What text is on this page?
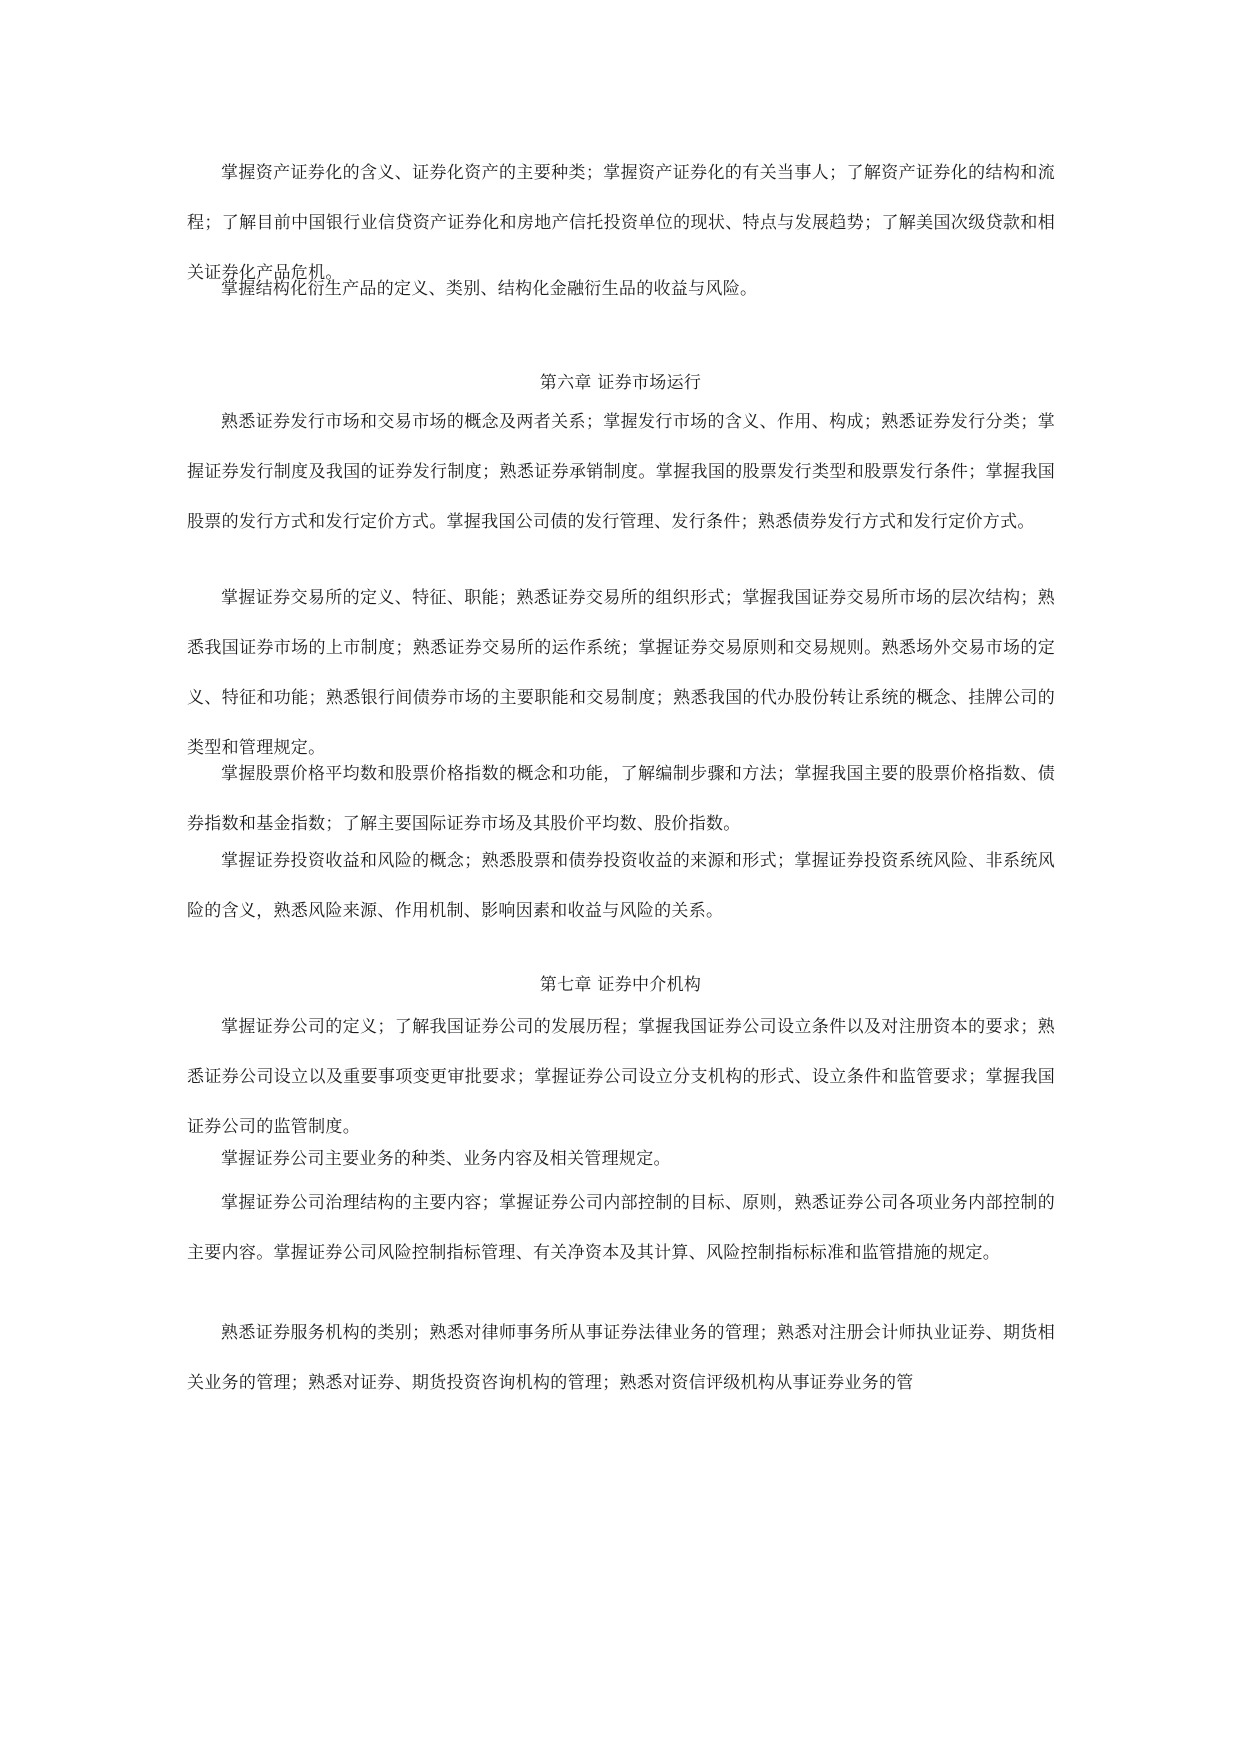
掌握资产证券化的含义、证券化资产的主要种类；掌握资产证券化的有关当事人；了解资产证券化的结构和流程；了解目前中国银行业信贷资产证券化和房地产信托投资单位的现状、特点与发展趋势；了解美国次级贷款和相关证券化产品危机。

掌握结构化衍生产品的定义、类别、结构化金融衍生品的收益与风险。

第六章 证券市场运行

熟悉证券发行市场和交易市场的概念及两者关系；掌握发行市场的含义、作用、构成；熟悉证券发行分类；掌握证券发行制度及我国的证券发行制度；熟悉证券承销制度。掌握我国的股票发行类型和股票发行条件；掌握我国股票的发行方式和发行定价方式。掌握我国公司债的发行管理、发行条件；熟悉债券发行方式和发行定价方式。

掌握证券交易所的定义、特征、职能；熟悉证券交易所的组织形式；掌握我国证券交易所市场的层次结构；熟悉我国证券市场的上市制度；熟悉证券交易所的运作系统；掌握证券交易原则和交易规则。熟悉场外交易市场的定义、特征和功能；熟悉银行间债券市场的主要职能和交易制度；熟悉我国的代办股份转让系统的概念、挂牌公司的类型和管理规定。

掌握股票价格平均数和股票价格指数的概念和功能，了解编制步骤和方法；掌握我国主要的股票价格指数、债券指数和基金指数；了解主要国际证券市场及其股价平均数、股价指数。

掌握证券投资收益和风险的概念；熟悉股票和债券投资收益的来源和形式；掌握证券投资系统风险、非系统风险的含义，熟悉风险来源、作用机制、影响因素和收益与风险的关系。

第七章 证券中介机构

掌握证券公司的定义；了解我国证券公司的发展历程；掌握我国证券公司设立条件以及对注册资本的要求；熟悉证券公司设立以及重要事项变更审批要求；掌握证券公司设立分支机构的形式、设立条件和监管要求；掌握我国证券公司的监管制度。

掌握证券公司主要业务的种类、业务内容及相关管理规定。

掌握证券公司治理结构的主要内容；掌握证券公司内部控制的目标、原则，熟悉证券公司各项业务内部控制的主要内容。掌握证券公司风险控制指标管理、有关净资本及其计算、风险控制指标标准和监管措施的规定。

熟悉证券服务机构的类别；熟悉对律师事务所从事证券法律业务的管理；熟悉对注册会计师执业证券、期货相关业务的管理；熟悉对证券、期货投资咨询机构的管理；熟悉对资信评级机构从事证券业务的管
